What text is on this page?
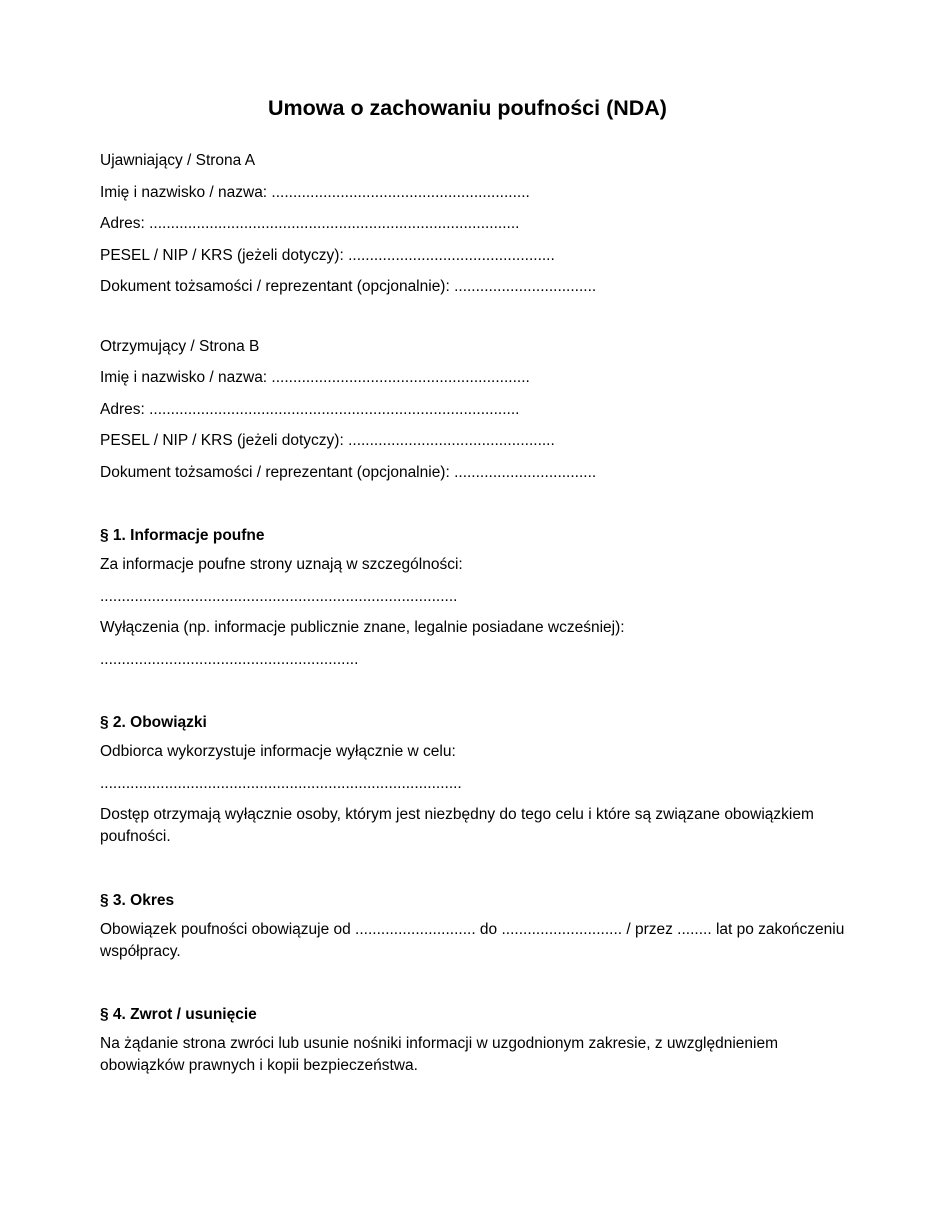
Umowa o zachowaniu poufności (NDA)

Ujawniający / Strona A

Imię i nazwisko / nazwa: ............................................................

Adres: ......................................................................................

PESEL / NIP / KRS (jeżeli dotyczy): ................................................

Dokument tożsamości / reprezentant (opcjonalnie): .................................

Otrzymujący / Strona B

Imię i nazwisko / nazwa: ............................................................

Adres: ......................................................................................

PESEL / NIP / KRS (jeżeli dotyczy): ................................................

Dokument tożsamości / reprezentant (opcjonalnie): .................................

§ 1. Informacje poufne

Za informacje poufne strony uznają w szczególności:

...................................................................................

Wyłączenia (np. informacje publicznie znane, legalnie posiadane wcześniej):

............................................................

§ 2. Obowiązki

Odbiorca wykorzystuje informacje wyłącznie w celu:

....................................................................................

Dostęp otrzymają wyłącznie osoby, którym jest niezbędny do tego celu i które są związane obowiązkiem poufności.

§ 3. Okres

Obowiązek poufności obowiązuje od ............................ do ............................ / przez ........ lat po zakończeniu współpracy.

§ 4. Zwrot / usunięcie

Na żądanie strona zwróci lub usunie nośniki informacji w uzgodnionym zakresie, z uwzględnieniem obowiązków prawnych i kopii bezpieczeństwa.
